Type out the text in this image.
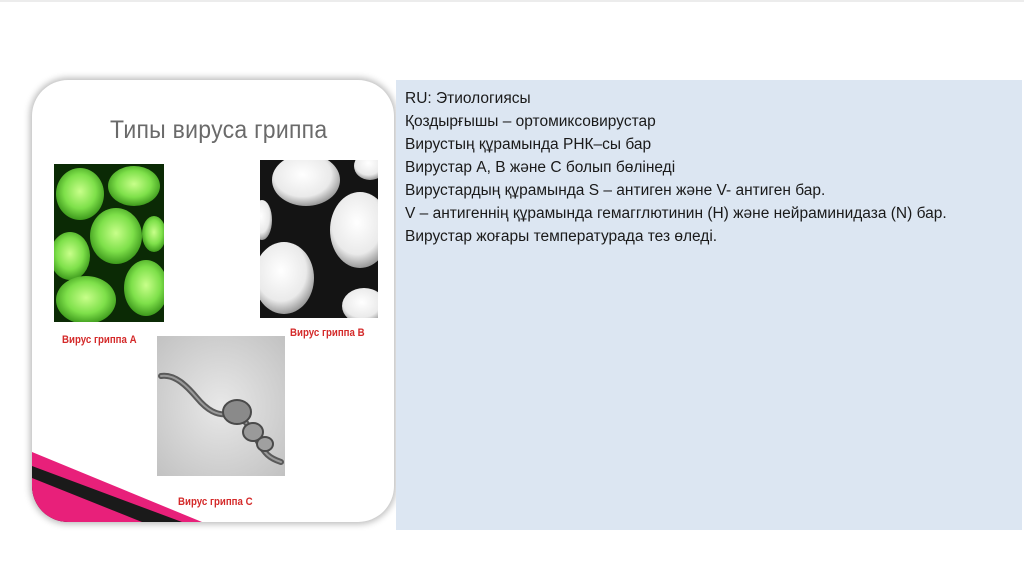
Типы вируса гриппа
Вирус гриппа А
Вирус гриппа В
Вирус гриппа С

RU: Этиологиясы

Қоздырғышы – ортомиксовирустар

Вирустың құрамында РНК–сы бар

Вирустар А, В және С болып бөлінеді

Вирустардың құрамында S – антиген және V- антиген бар.

V – антигеннің құрамында гемагглютинин (Н) және нейраминидаза (N) бар.

Вирустар жоғары температурада тез өледі.
